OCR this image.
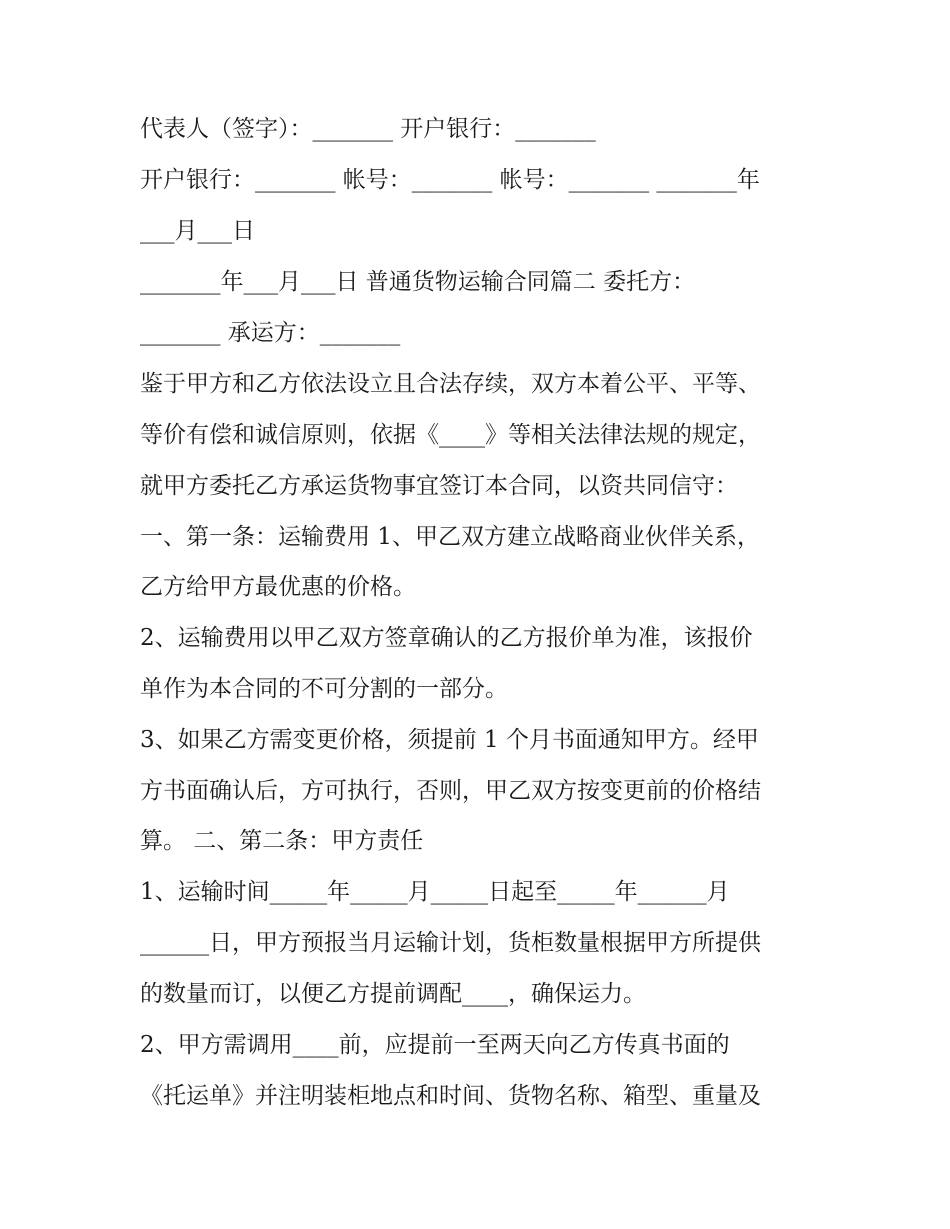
代表人（签字）：_______ 开户银行：_______

开户银行：_______ 帐号：_______ 帐号：_______ _______年

___月___日

_______年___月___日 普通货物运输合同篇二 委托方：

_______ 承运方：_______

鉴于甲方和乙方依法设立且合法存续，双方本着公平、平等、

等价有偿和诚信原则，依据《____》等相关法律法规的规定，

就甲方委托乙方承运货物事宜签订本合同，以资共同信守：

一、第一条：运输费用 1、甲乙双方建立战略商业伙伴关系，

乙方给甲方最优惠的价格。

2、运输费用以甲乙双方签章确认的乙方报价单为准，该报价

单作为本合同的不可分割的一部分。

3、如果乙方需变更价格，须提前 1 个月书面通知甲方。经甲

方书面确认后，方可执行，否则，甲乙双方按变更前的价格结

算。 二、第二条：甲方责任

1、运输时间_____年_____月_____日起至_____年______月

______日，甲方预报当月运输计划，货柜数量根据甲方所提供

的数量而订，以便乙方提前调配____，确保运力。

2、甲方需调用____前，应提前一至两天向乙方传真书面的

《托运单》并注明装柜地点和时间、货物名称、箱型、重量及
